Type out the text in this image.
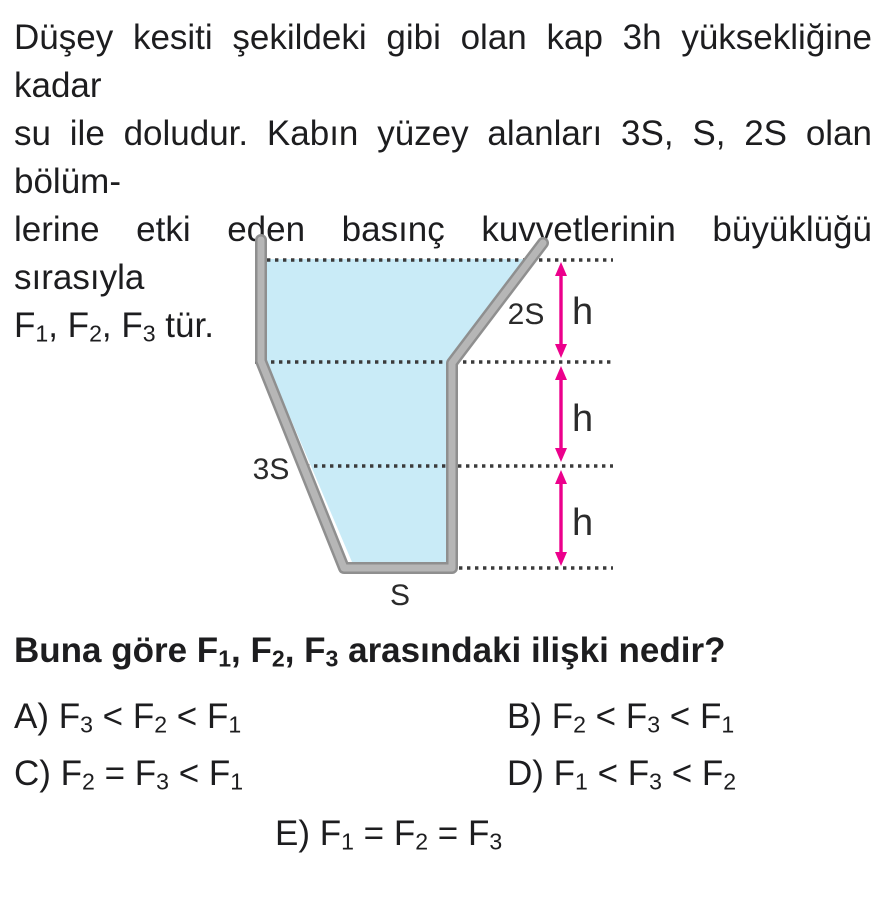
Düşey kesiti şekildeki gibi olan kap 3h yüksekliğine kadar
su ile doludur. Kabın yüzey alanları 3S, S, 2S olan bölüm-
lerine etki eden basınç kuvvetlerinin büyüklüğü sırasıyla
$F_1$, $F_2$, $F_3$ tür.	2S
3S
S
h
h
h
Buna göre $F_1$, $F_2$, $F_3$ arasındaki ilişki nedir?
A) $F_3 < F_2 < F_1$	B) $F_2 < F_3 < F_1$
C) $F_2 = F_3 < F_1$	D) $F_1 < F_3 < F_2$
E) $F_1 = F_2 = F_3$
